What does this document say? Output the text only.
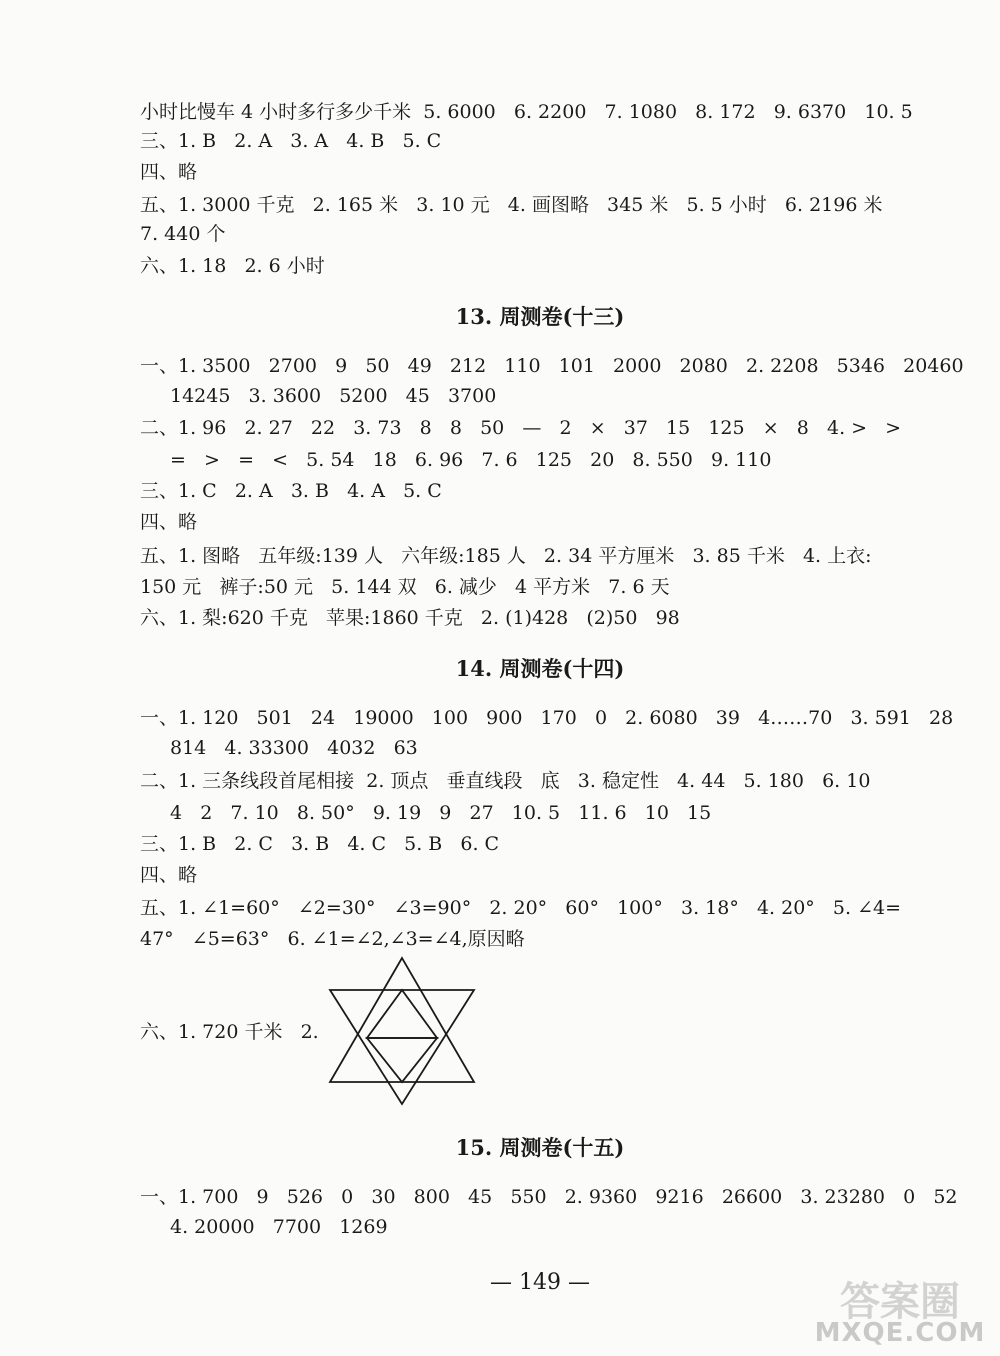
小时比慢车 4 小时多行多少千米  5. 6000   6. 2200   7. 1080   8. 172   9. 6370   10. 5
三、1. B   2. A   3. A   4. B   5. C
四、略
五、1. 3000 千克   2. 165 米   3. 10 元   4. 画图略   345 米   5. 5 小时   6. 2196 米
7. 440 个
六、1. 18   2. 6 小时
13. 周测卷(十三)
一、1. 3500   2700   9   50   49   212   110   101   2000   2080   2. 2208   5346   20460
14245   3. 3600   5200   45   3700
二、1. 96   2. 27   22   3. 73   8   8   50   —   2   ×   37   15   125   ×   8   4. >   >
=   >   =   <   5. 54   18   6. 96   7. 6   125   20   8. 550   9. 110
三、1. C   2. A   3. B   4. A   5. C
四、略
五、1. 图略   五年级:139 人   六年级:185 人   2. 34 平方厘米   3. 85 千米   4. 上衣:
150 元   裤子:50 元   5. 144 双   6. 减少   4 平方米   7. 6 天
六、1. 梨:620 千克   苹果:1860 千克   2. (1)428   (2)50   98
14. 周测卷(十四)
一、1. 120   501   24   19000   100   900   170   0   2. 6080   39   4……70   3. 591   28
814   4. 33300   4032   63
二、1. 三条线段首尾相接  2. 顶点   垂直线段   底   3. 稳定性   4. 44   5. 180   6. 10
4   2   7. 10   8. 50°   9. 19   9   27   10. 5   11. 6   10   15
三、1. B   2. C   3. B   4. C   5. B   6. C
四、略
五、1. ∠1=60°   ∠2=30°   ∠3=90°   2. 20°   60°   100°   3. 18°   4. 20°   5. ∠4=
47°   ∠5=63°   6. ∠1=∠2,∠3=∠4,原因略
六、1. 720 千米   2.
15. 周测卷(十五)
一、1. 700   9   526   0   30   800   45   550   2. 9360   9216   26600   3. 23280   0   52
4. 20000   7700   1269
— 149 —	答案圈
MXQE.COM
